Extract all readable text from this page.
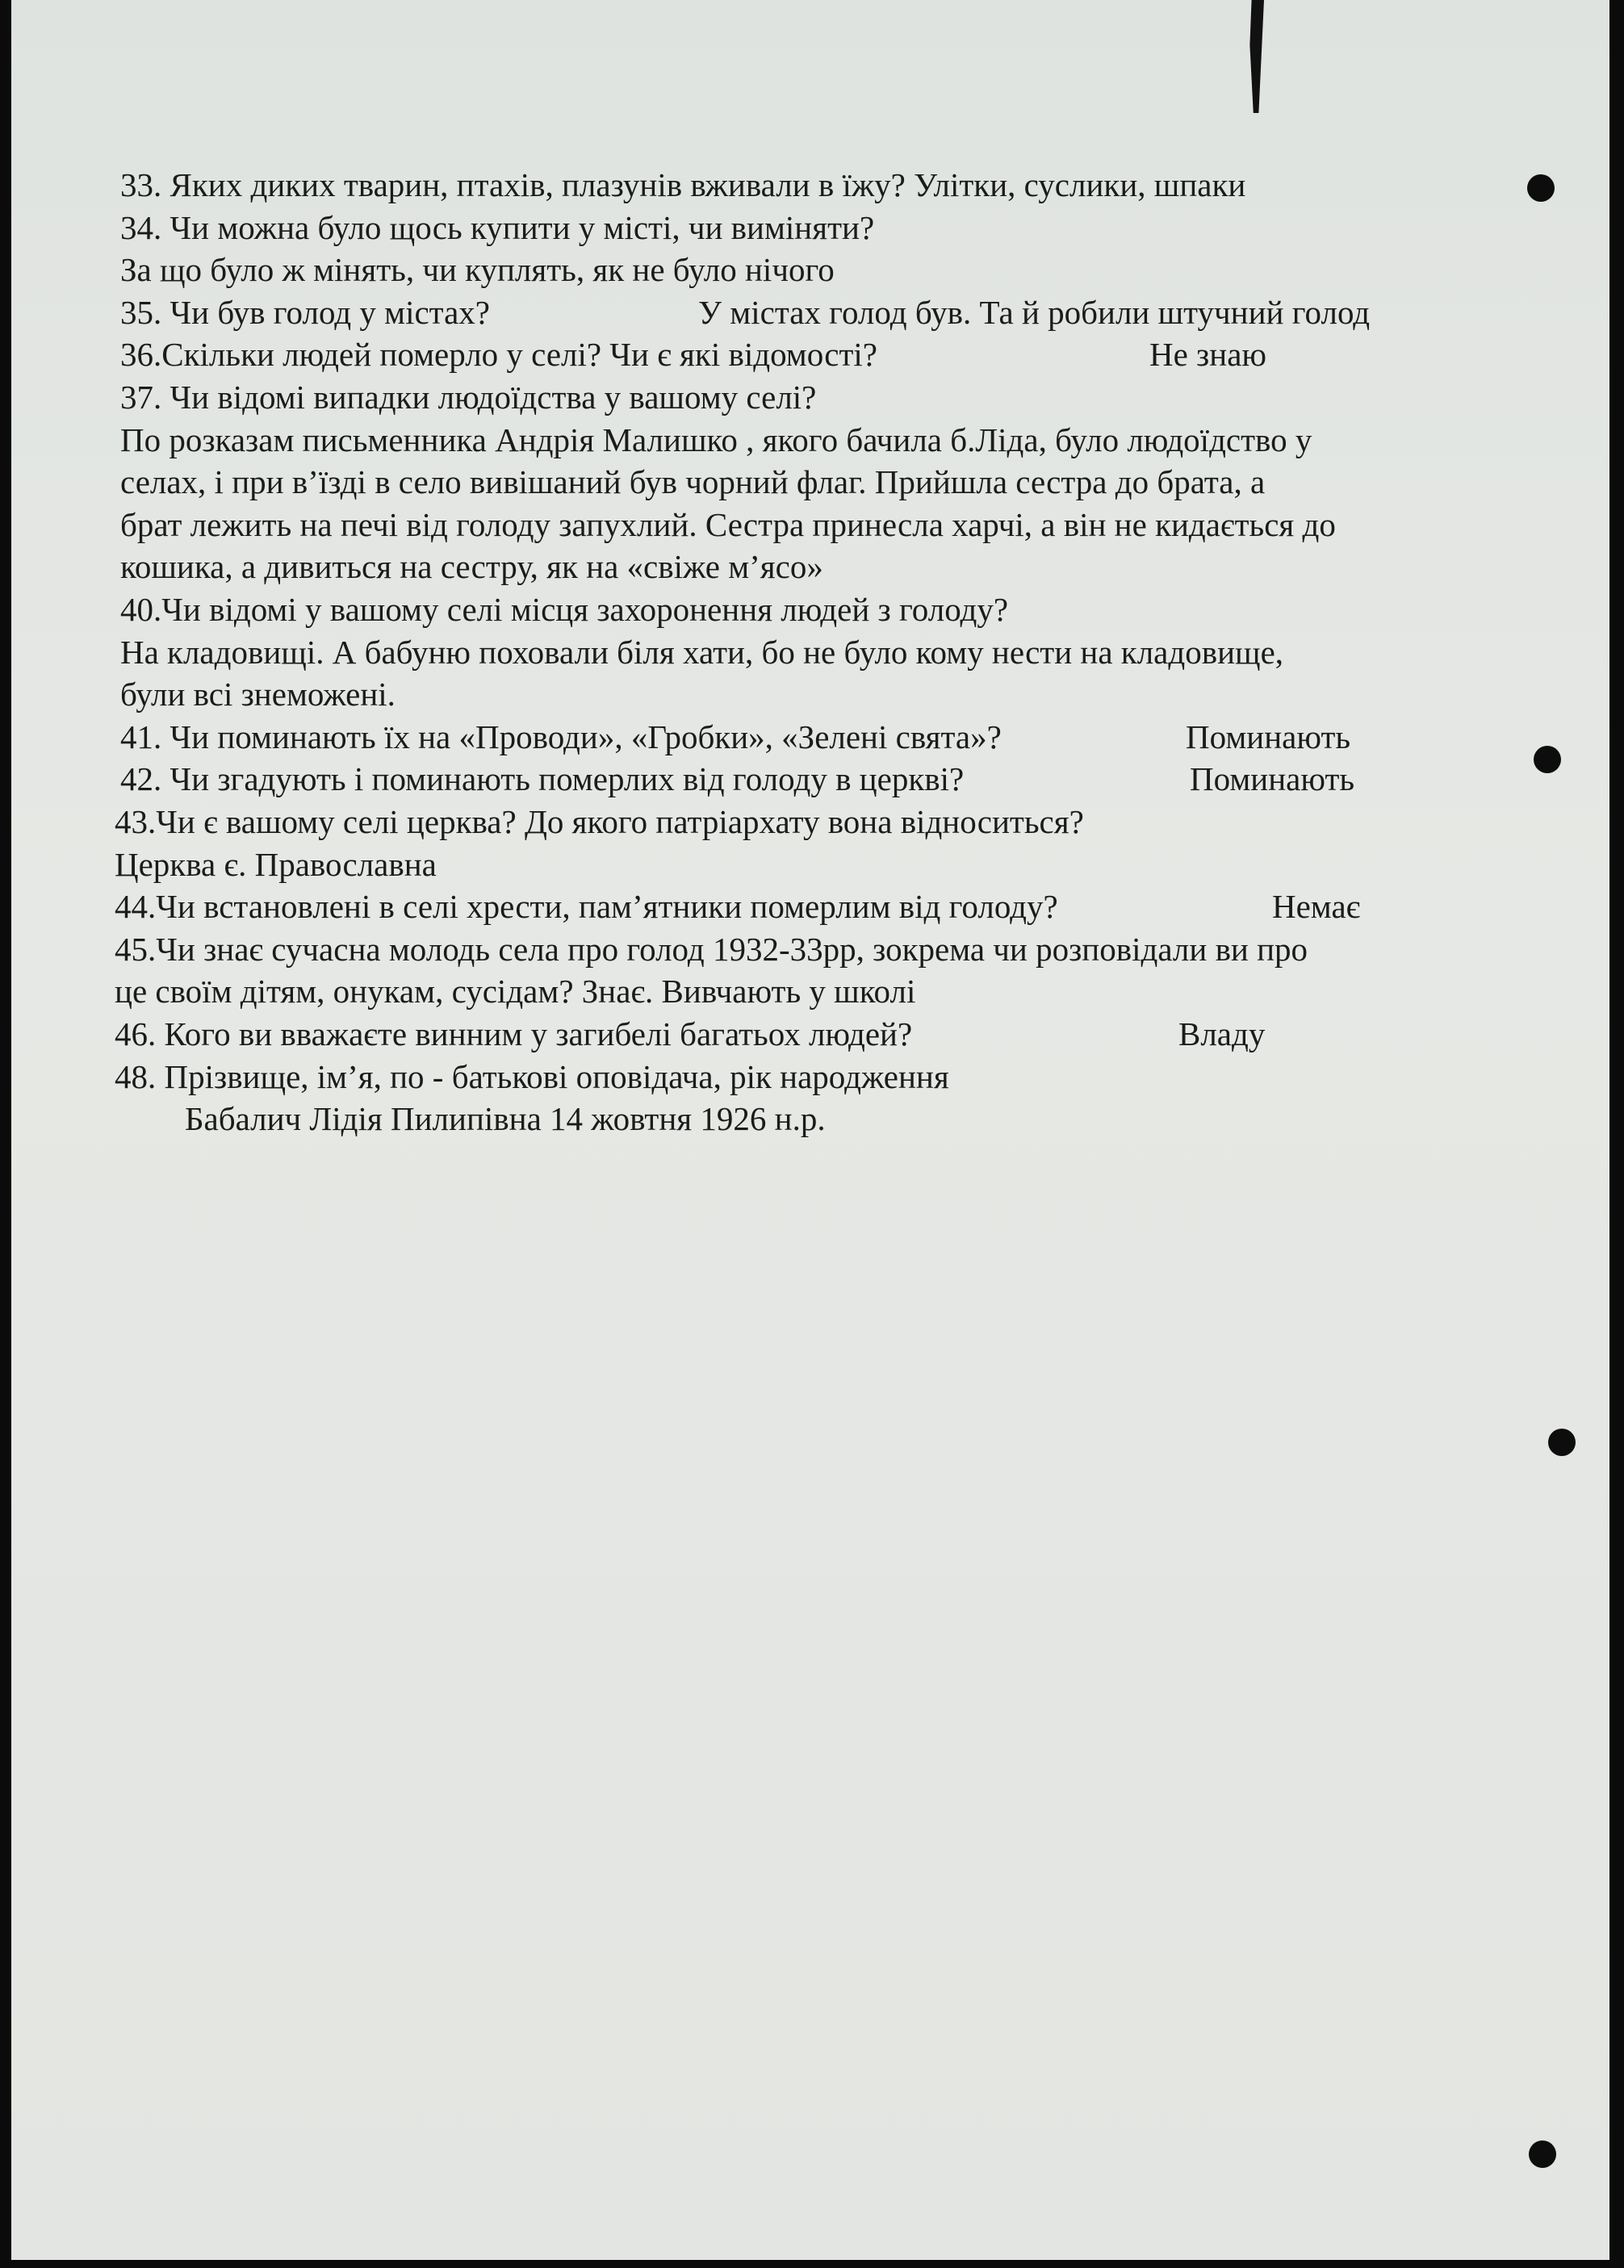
33. Яких диких тварин, птахів, плазунів вживали в їжу? Улітки, суслики, шпаки
34. Чи можна було щось купити у місті, чи виміняти?
За що було ж мінять, чи куплять, як не було нічого
35. Чи був голод у містах?	У містах голод був. Та й робили штучний голод
36.Скільки людей померло у селі? Чи є які відомості?	Не знаю
37. Чи відомі випадки людоїдства у вашому селі?
По розказам письменника Андрія Малишко , якого бачила б.Ліда, було людоїдство у
селах, і при в’їзді в село вивішаний був чорний флаг. Прийшла сестра до брата, а
брат лежить на печі від голоду запухлий. Сестра принесла харчі, а він не кидається до
кошика, а дивиться на сестру, як на «свіже м’ясо»
40.Чи відомі у вашому селі місця захоронення людей з голоду?
На кладовищі. А бабуню поховали біля хати, бо не було кому нести на кладовище,
були всі знеможені.
41. Чи поминають їх на «Проводи», «Гробки», «Зелені свята»?	Поминають
42. Чи згадують і поминають померлих від голоду в церкві?	Поминають
43.Чи є вашому селі церква? До якого патріархату вона відноситься?
Церква є. Православна
44.Чи встановлені в селі хрести, пам’ятники померлим від голоду?	Немає
45.Чи знає сучасна молодь села про голод 1932-33рр, зокрема чи розповідали ви про
це своїм дітям, онукам, сусідам? Знає. Вивчають у школі
46. Кого ви вважаєте винним у загибелі багатьох людей?	Владу
48. Прізвище, ім’я, по - батькові оповідача, рік народження
Бабалич Лідія Пилипівна 14 жовтня 1926 н.р.
